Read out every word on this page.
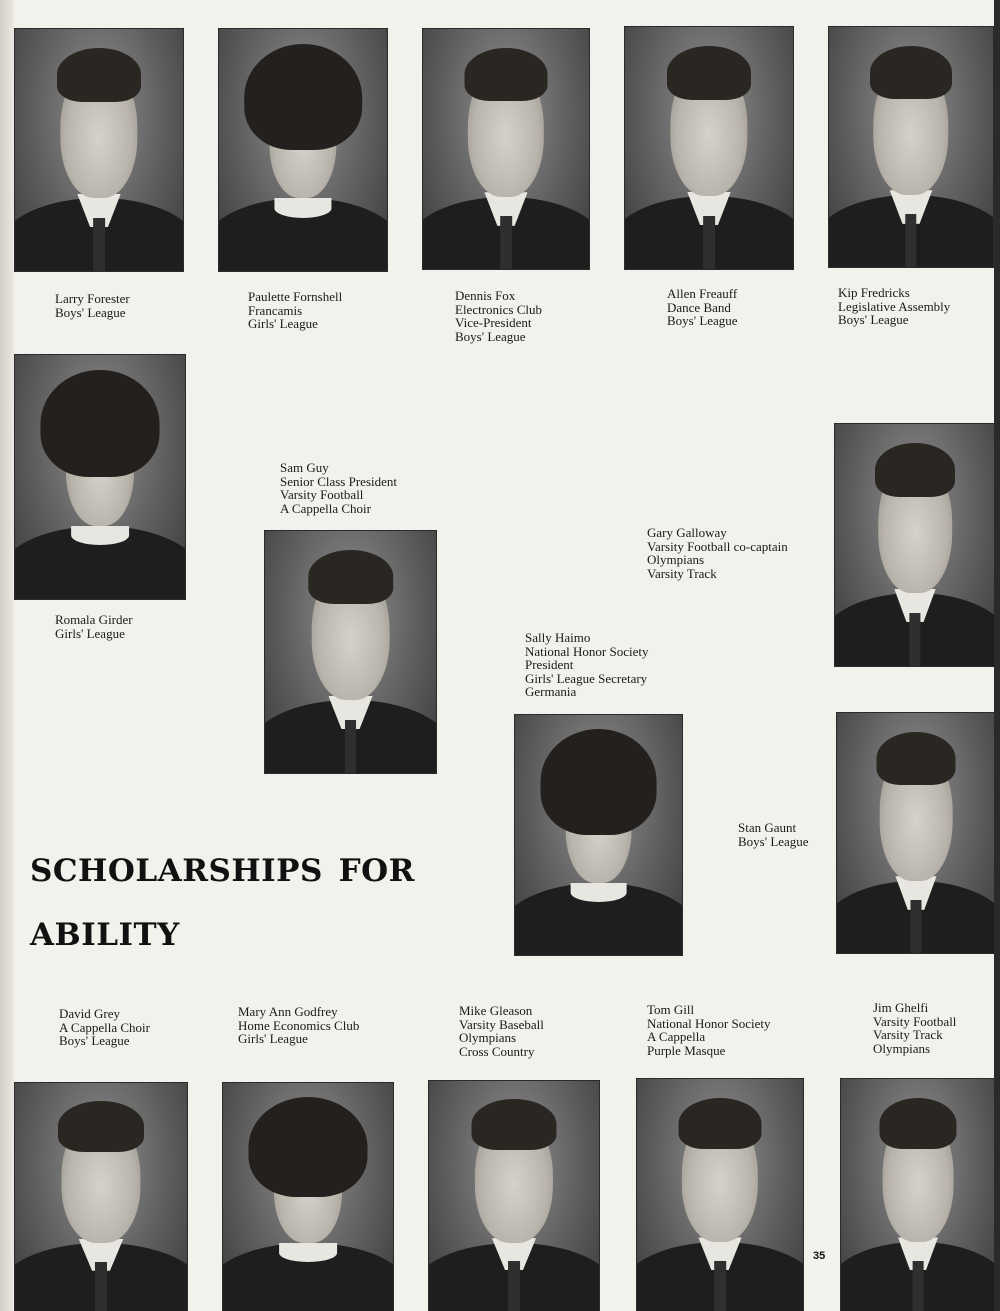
Larry Forester
Boys' League
Paulette Fornshell
Francamis
Girls' League
Dennis Fox
Electronics Club
Vice-President
Boys' League
Allen Freauff
Dance Band
Boys' League
Kip Fredricks
Legislative Assembly
Boys' League
Romala Girder
Girls' League
Sam Guy
Senior Class President
Varsity Football
A Cappella Choir
Gary Galloway
Varsity Football co-captain
Olympians
Varsity Track
Sally Haimo
National Honor Society
President
Girls' League Secretary
Germania
Stan Gaunt
Boys' League
scholarships for
ability
David Grey
A Cappella Choir
Boys' League
Mary Ann Godfrey
Home Economics Club
Girls' League
Mike Gleason
Varsity Baseball
Olympians
Cross Country
Tom Gill
National Honor Society
A Cappella
Purple Masque
Jim Ghelfi
Varsity Football
Varsity Track
Olympians
35
